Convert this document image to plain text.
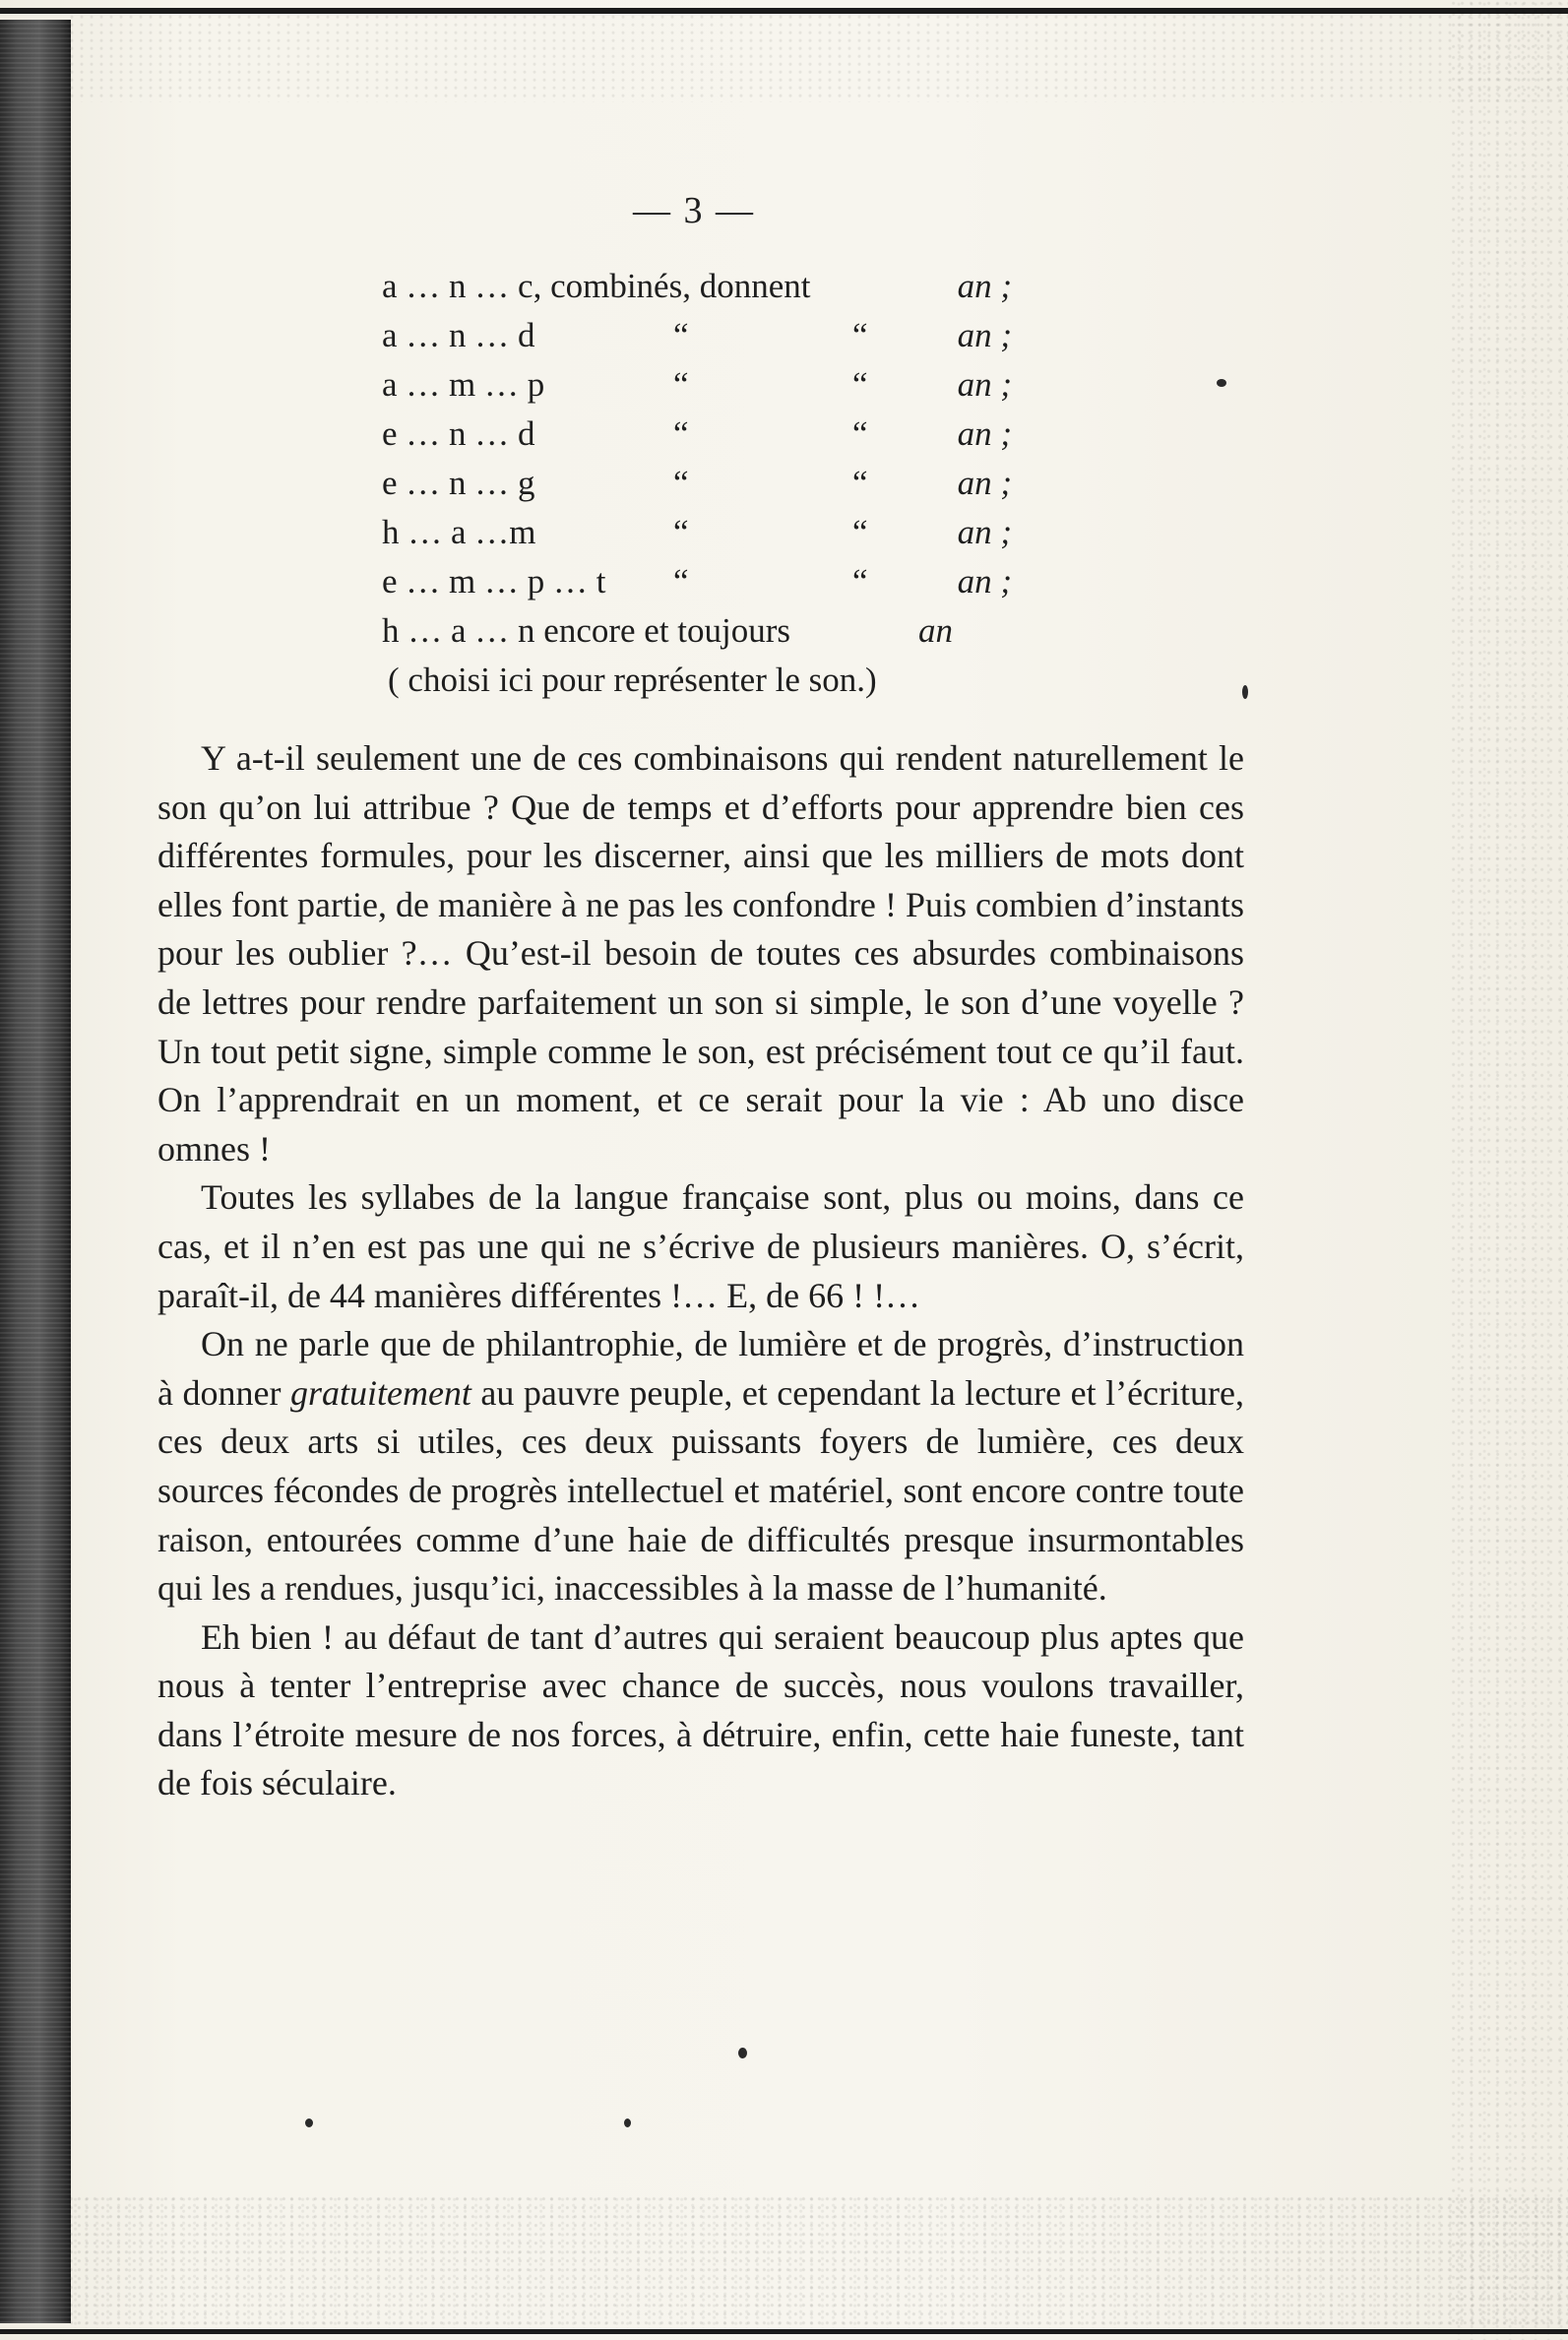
— 3 —
a … n … c, combinés, donnent	an ;
a … n … d	“	“	an ;
a … m … p	“	“	an ;
e … n … d	“	“	an ;
e … n … g	“	“	an ;
h … a …m	“	“	an ;
e … m … p … t “	“	an ;
h … a … n encore et toujours	an
( choisi ici pour représenter le son.)

Y a-t-il seulement une de ces combinaisons qui rendent naturellement le son qu’on lui attribue ? Que de temps et d’efforts pour apprendre bien ces différentes formules, pour les discerner, ainsi que les milliers de mots dont elles font partie, de manière à ne pas les confondre ! Puis combien d’instants pour les oublier ?… Qu’est-il besoin de toutes ces absurdes combinaisons de lettres pour rendre parfaitement un son si simple, le son d’une voyelle ? Un tout petit signe, simple comme le son, est précisément tout ce qu’il faut. On l’apprendrait en un moment, et ce serait pour la vie : Ab uno disce omnes !

Toutes les syllabes de la langue française sont, plus ou moins, dans ce cas, et il n’en est pas une qui ne s’écrive de plusieurs manières. O, s’écrit, paraît-il, de 44 manières différentes !… E, de 66 ! !…

On ne parle que de philantrophie, de lumière et de progrès, d’instruction à donner gratuitement au pauvre peuple, et cependant la lecture et l’écriture, ces deux arts si utiles, ces deux puissants foyers de lumière, ces deux sources fécondes de progrès intellectuel et matériel, sont encore contre toute raison, entourées comme d’une haie de difficultés presque insurmontables qui les a rendues, jusqu’ici, inaccessibles à la masse de l’humanité.

Eh bien ! au défaut de tant d’autres qui seraient beaucoup plus aptes que nous à tenter l’entreprise avec chance de succès, nous voulons travailler, dans l’étroite mesure de nos forces, à détruire, enfin, cette haie funeste, tant de fois séculaire.
